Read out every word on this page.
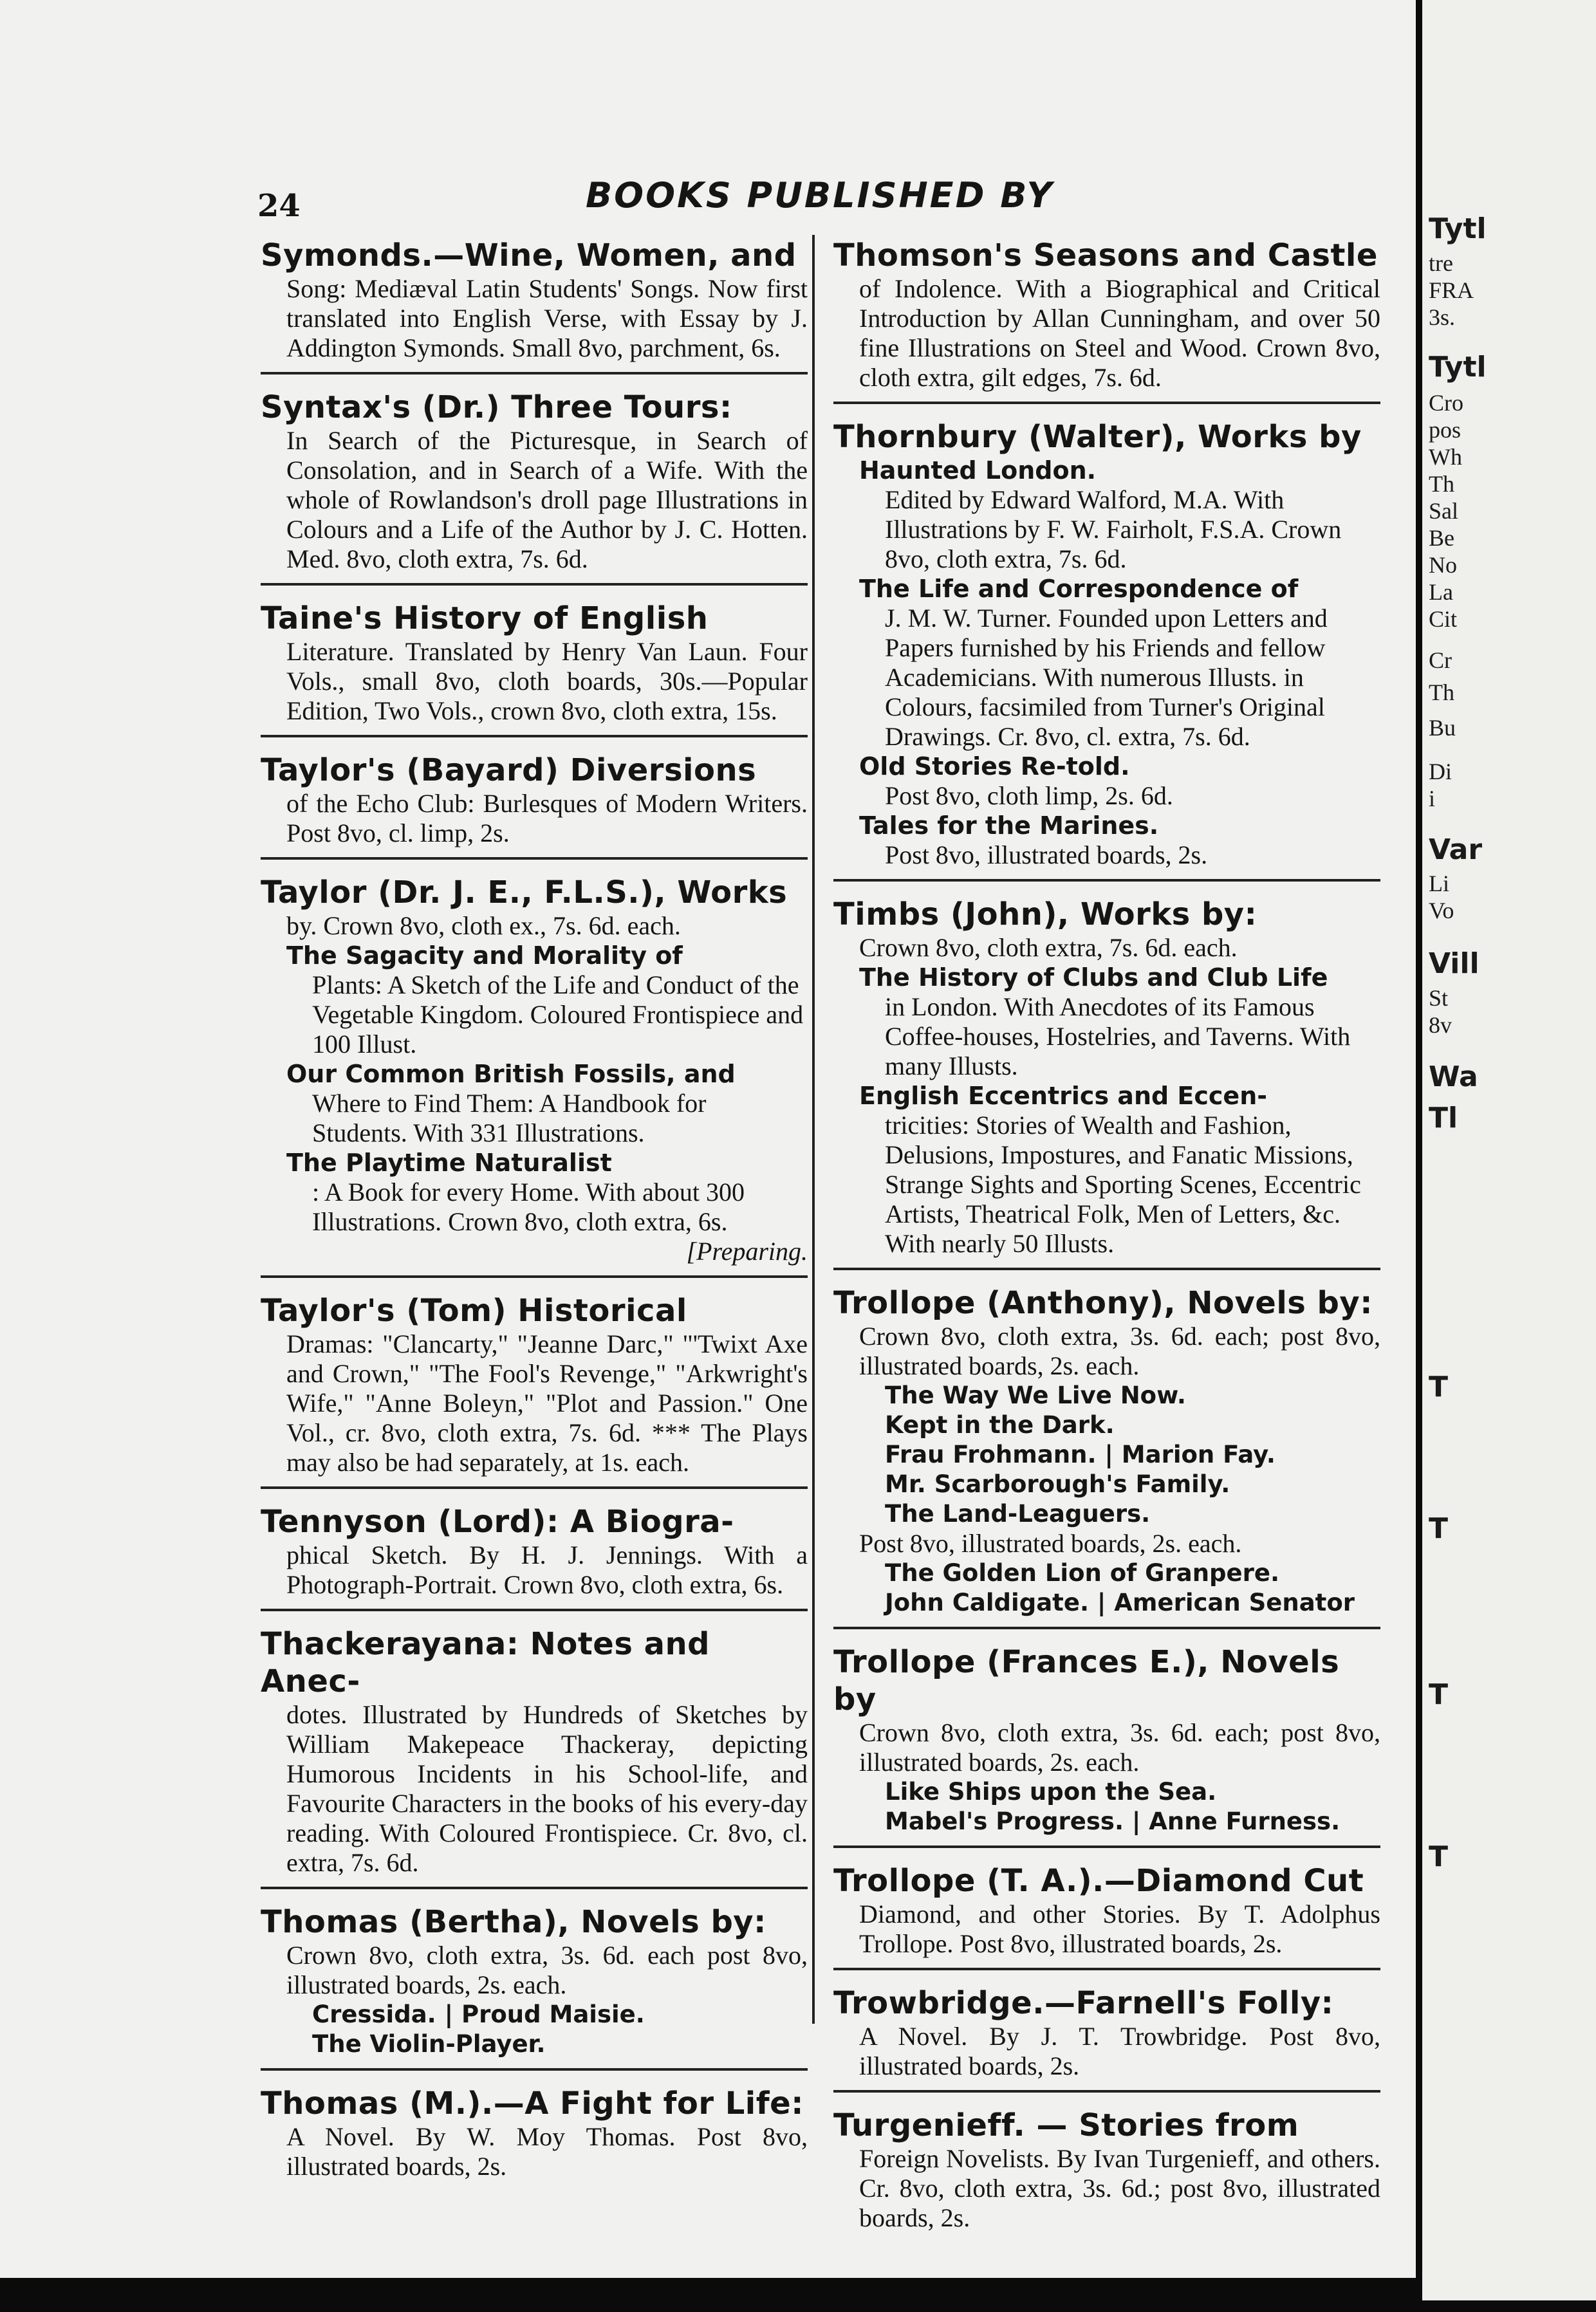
24	BOOKS PUBLISHED BY
Symonds.—Wine, Women, and
Song: Mediæval Latin Students' Songs. Now first translated into English Verse, with Essay by J. Addington Symonds. Small 8vo, parchment, 6s.
Syntax's (Dr.) Three Tours:
In Search of the Picturesque, in Search of Consolation, and in Search of a Wife. With the whole of Rowlandson's droll page Illustrations in Colours and a Life of the Author by J. C. Hotten. Med. 8vo, cloth extra, 7s. 6d.
Taine's History of English
Literature. Translated by Henry Van Laun. Four Vols., small 8vo, cloth boards, 30s.—Popular Edition, Two Vols., crown 8vo, cloth extra, 15s.
Taylor's (Bayard) Diversions
of the Echo Club: Burlesques of Modern Writers. Post 8vo, cl. limp, 2s.
Taylor (Dr. J. E., F.L.S.), Works
by. Crown 8vo, cloth ex., 7s. 6d. each.
The Sagacity and Morality of
Plants: A Sketch of the Life and Conduct of the Vegetable Kingdom. Coloured Frontispiece and 100 Illust.
Our Common British Fossils, and
Where to Find Them: A Handbook for Students. With 331 Illustrations.
The Playtime Naturalist
: A Book for every Home. With about 300 Illustrations. Crown 8vo, cloth extra, 6s.
[Preparing.
Taylor's (Tom) Historical
Dramas: "Clancarty," "Jeanne Darc," "'Twixt Axe and Crown," "The Fool's Revenge," "Arkwright's Wife," "Anne Boleyn," "Plot and Passion." One Vol., cr. 8vo, cloth extra, 7s. 6d. *** The Plays may also be had separately, at 1s. each.
Tennyson (Lord): A Biogra-
phical Sketch. By H. J. Jennings. With a Photograph-Portrait. Crown 8vo, cloth extra, 6s.
Thackerayana: Notes and Anec-
dotes. Illustrated by Hundreds of Sketches by William Makepeace Thackeray, depicting Humorous Incidents in his School-life, and Favourite Characters in the books of his every-day reading. With Coloured Frontispiece. Cr. 8vo, cl. extra, 7s. 6d.
Thomas (Bertha), Novels by:
Crown 8vo, cloth extra, 3s. 6d. each post 8vo, illustrated boards, 2s. each.
Cressida. | Proud Maisie.
The Violin-Player.
Thomas (M.).—A Fight for Life:
A Novel. By W. Moy Thomas. Post 8vo, illustrated boards, 2s.
Thomson's Seasons and Castle
of Indolence. With a Biographical and Critical Introduction by Allan Cunningham, and over 50 fine Illustrations on Steel and Wood. Crown 8vo, cloth extra, gilt edges, 7s. 6d.
Thornbury (Walter), Works by
Haunted London.
Edited by Edward Walford, M.A. With Illustrations by F. W. Fairholt, F.S.A. Crown 8vo, cloth extra, 7s. 6d.
The Life and Correspondence of
J. M. W. Turner. Founded upon Letters and Papers furnished by his Friends and fellow Academicians. With numerous Illusts. in Colours, facsimiled from Turner's Original Drawings. Cr. 8vo, cl. extra, 7s. 6d.
Old Stories Re-told.
Post 8vo, cloth limp, 2s. 6d.
Tales for the Marines.
Post 8vo, illustrated boards, 2s.
Timbs (John), Works by:
Crown 8vo, cloth extra, 7s. 6d. each.
The History of Clubs and Club Life
in London. With Anecdotes of its Famous Coffee-houses, Hostelries, and Taverns. With many Illusts.
English Eccentrics and Eccen-
tricities: Stories of Wealth and Fashion, Delusions, Impostures, and Fanatic Missions, Strange Sights and Sporting Scenes, Eccentric Artists, Theatrical Folk, Men of Letters, &c. With nearly 50 Illusts.
Trollope (Anthony), Novels by:
Crown 8vo, cloth extra, 3s. 6d. each; post 8vo, illustrated boards, 2s. each.
The Way We Live Now.
Kept in the Dark.
Frau Frohmann. | Marion Fay.
Mr. Scarborough's Family.
The Land-Leaguers.
Post 8vo, illustrated boards, 2s. each.
The Golden Lion of Granpere.
John Caldigate. | American Senator
Trollope (Frances E.), Novels by
Crown 8vo, cloth extra, 3s. 6d. each; post 8vo, illustrated boards, 2s. each.
Like Ships upon the Sea.
Mabel's Progress. | Anne Furness.
Trollope (T. A.).—Diamond Cut
Diamond, and other Stories. By T. Adolphus Trollope. Post 8vo, illustrated boards, 2s.
Trowbridge.—Farnell's Folly:
A Novel. By J. T. Trowbridge. Post 8vo, illustrated boards, 2s.
Turgenieff. — Stories from
Foreign Novelists. By Ivan Turgenieff, and others. Cr. 8vo, cloth extra, 3s. 6d.; post 8vo, illustrated boards, 2s.
Tytl
tre
FRA
3s.
Tytl
Cro
pos
Wh
Th
Sal
Be
No
La
Cit
Cr
Th
Bu
Di
i
Var
Li
Vo
Vill
St
8v
Wa
Tl
T
T
T
T
